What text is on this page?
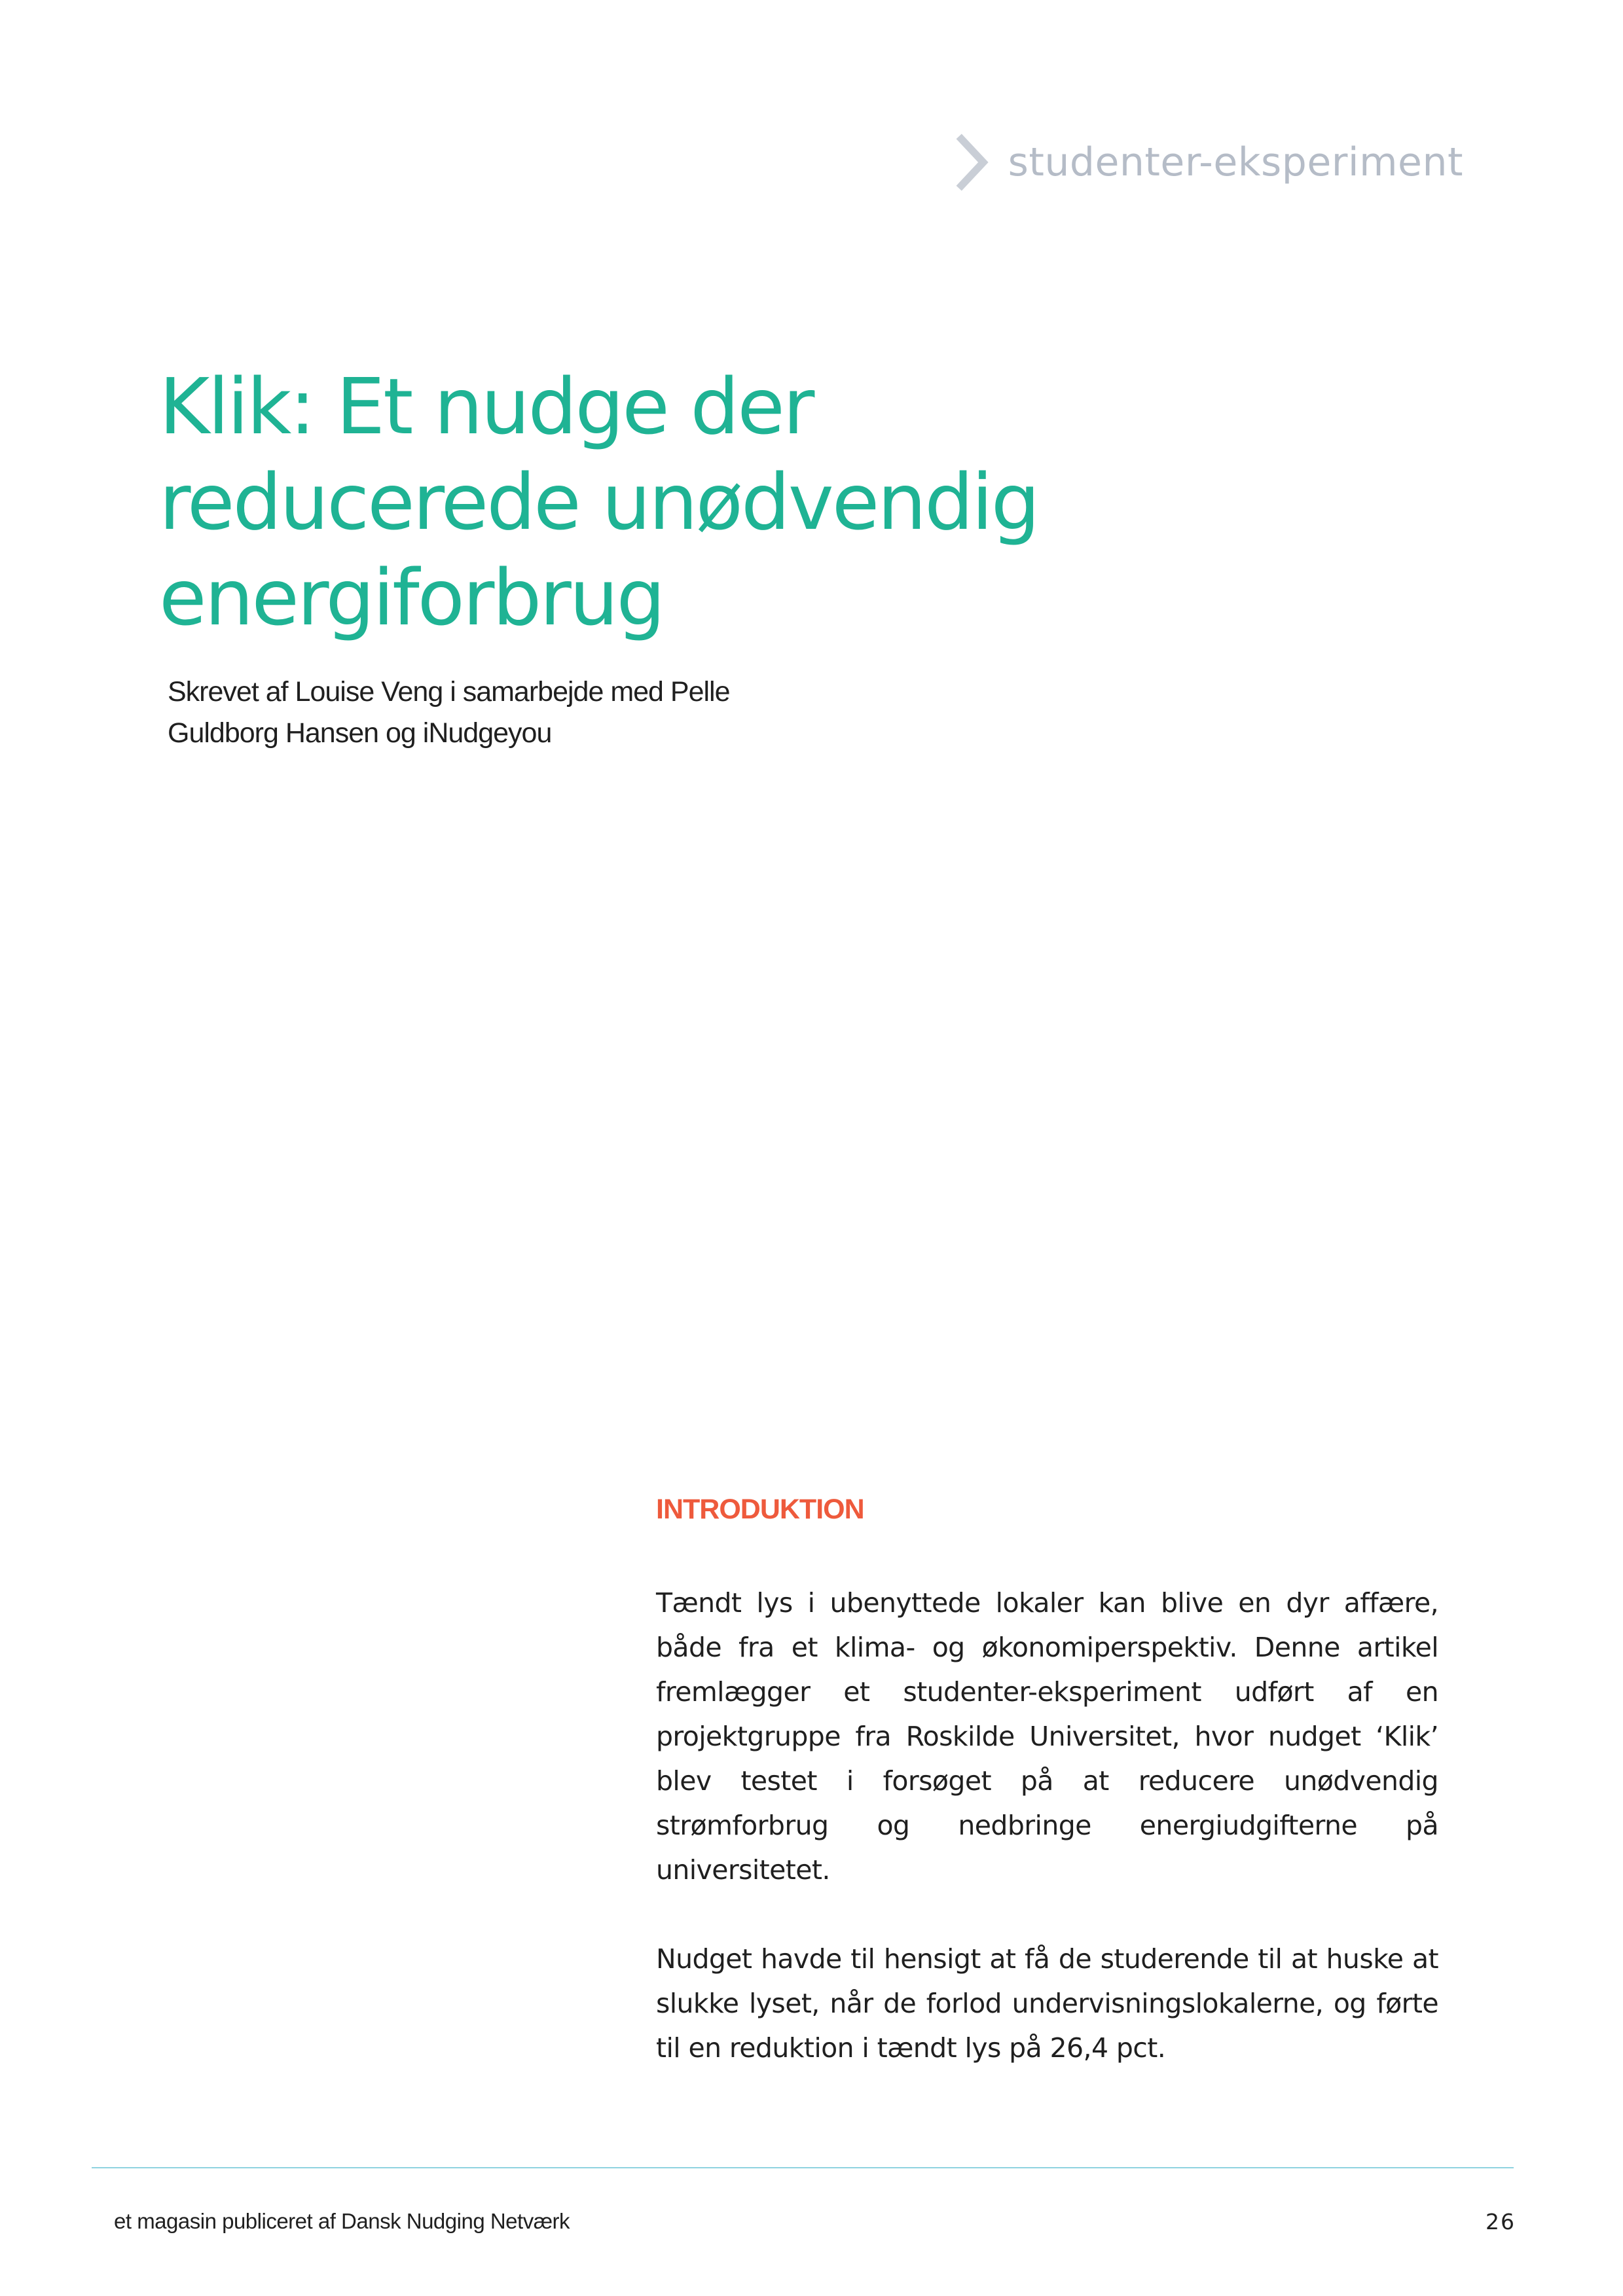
studenter-eksperiment
Klik: Et nudge der
reducerede unødvendig
energiforbrug
Skrevet af Louise Veng i samarbejde med Pelle
Guldborg Hansen og iNudgeyou
INTRODUKTION

Tændt lys i ubenyttede lokaler kan blive en dyr affære, både fra et klima- og økonomiperspektiv. Denne artikel fremlægger et studenter-eksperiment udført af en projektgruppe fra Roskilde Universitet, hvor nudget ‘Klik’ blev testet i forsøget på at reducere unødvendig strømforbrug og nedbringe energiudgifterne på universitetet.

Nudget havde til hensigt at få de studerende til at huske at slukke lyset, når de forlod undervisningslokalerne, og førte til en reduktion i tændt lys på 26,4 pct.

et magasin publiceret af Dansk Nudging Netværk	26
